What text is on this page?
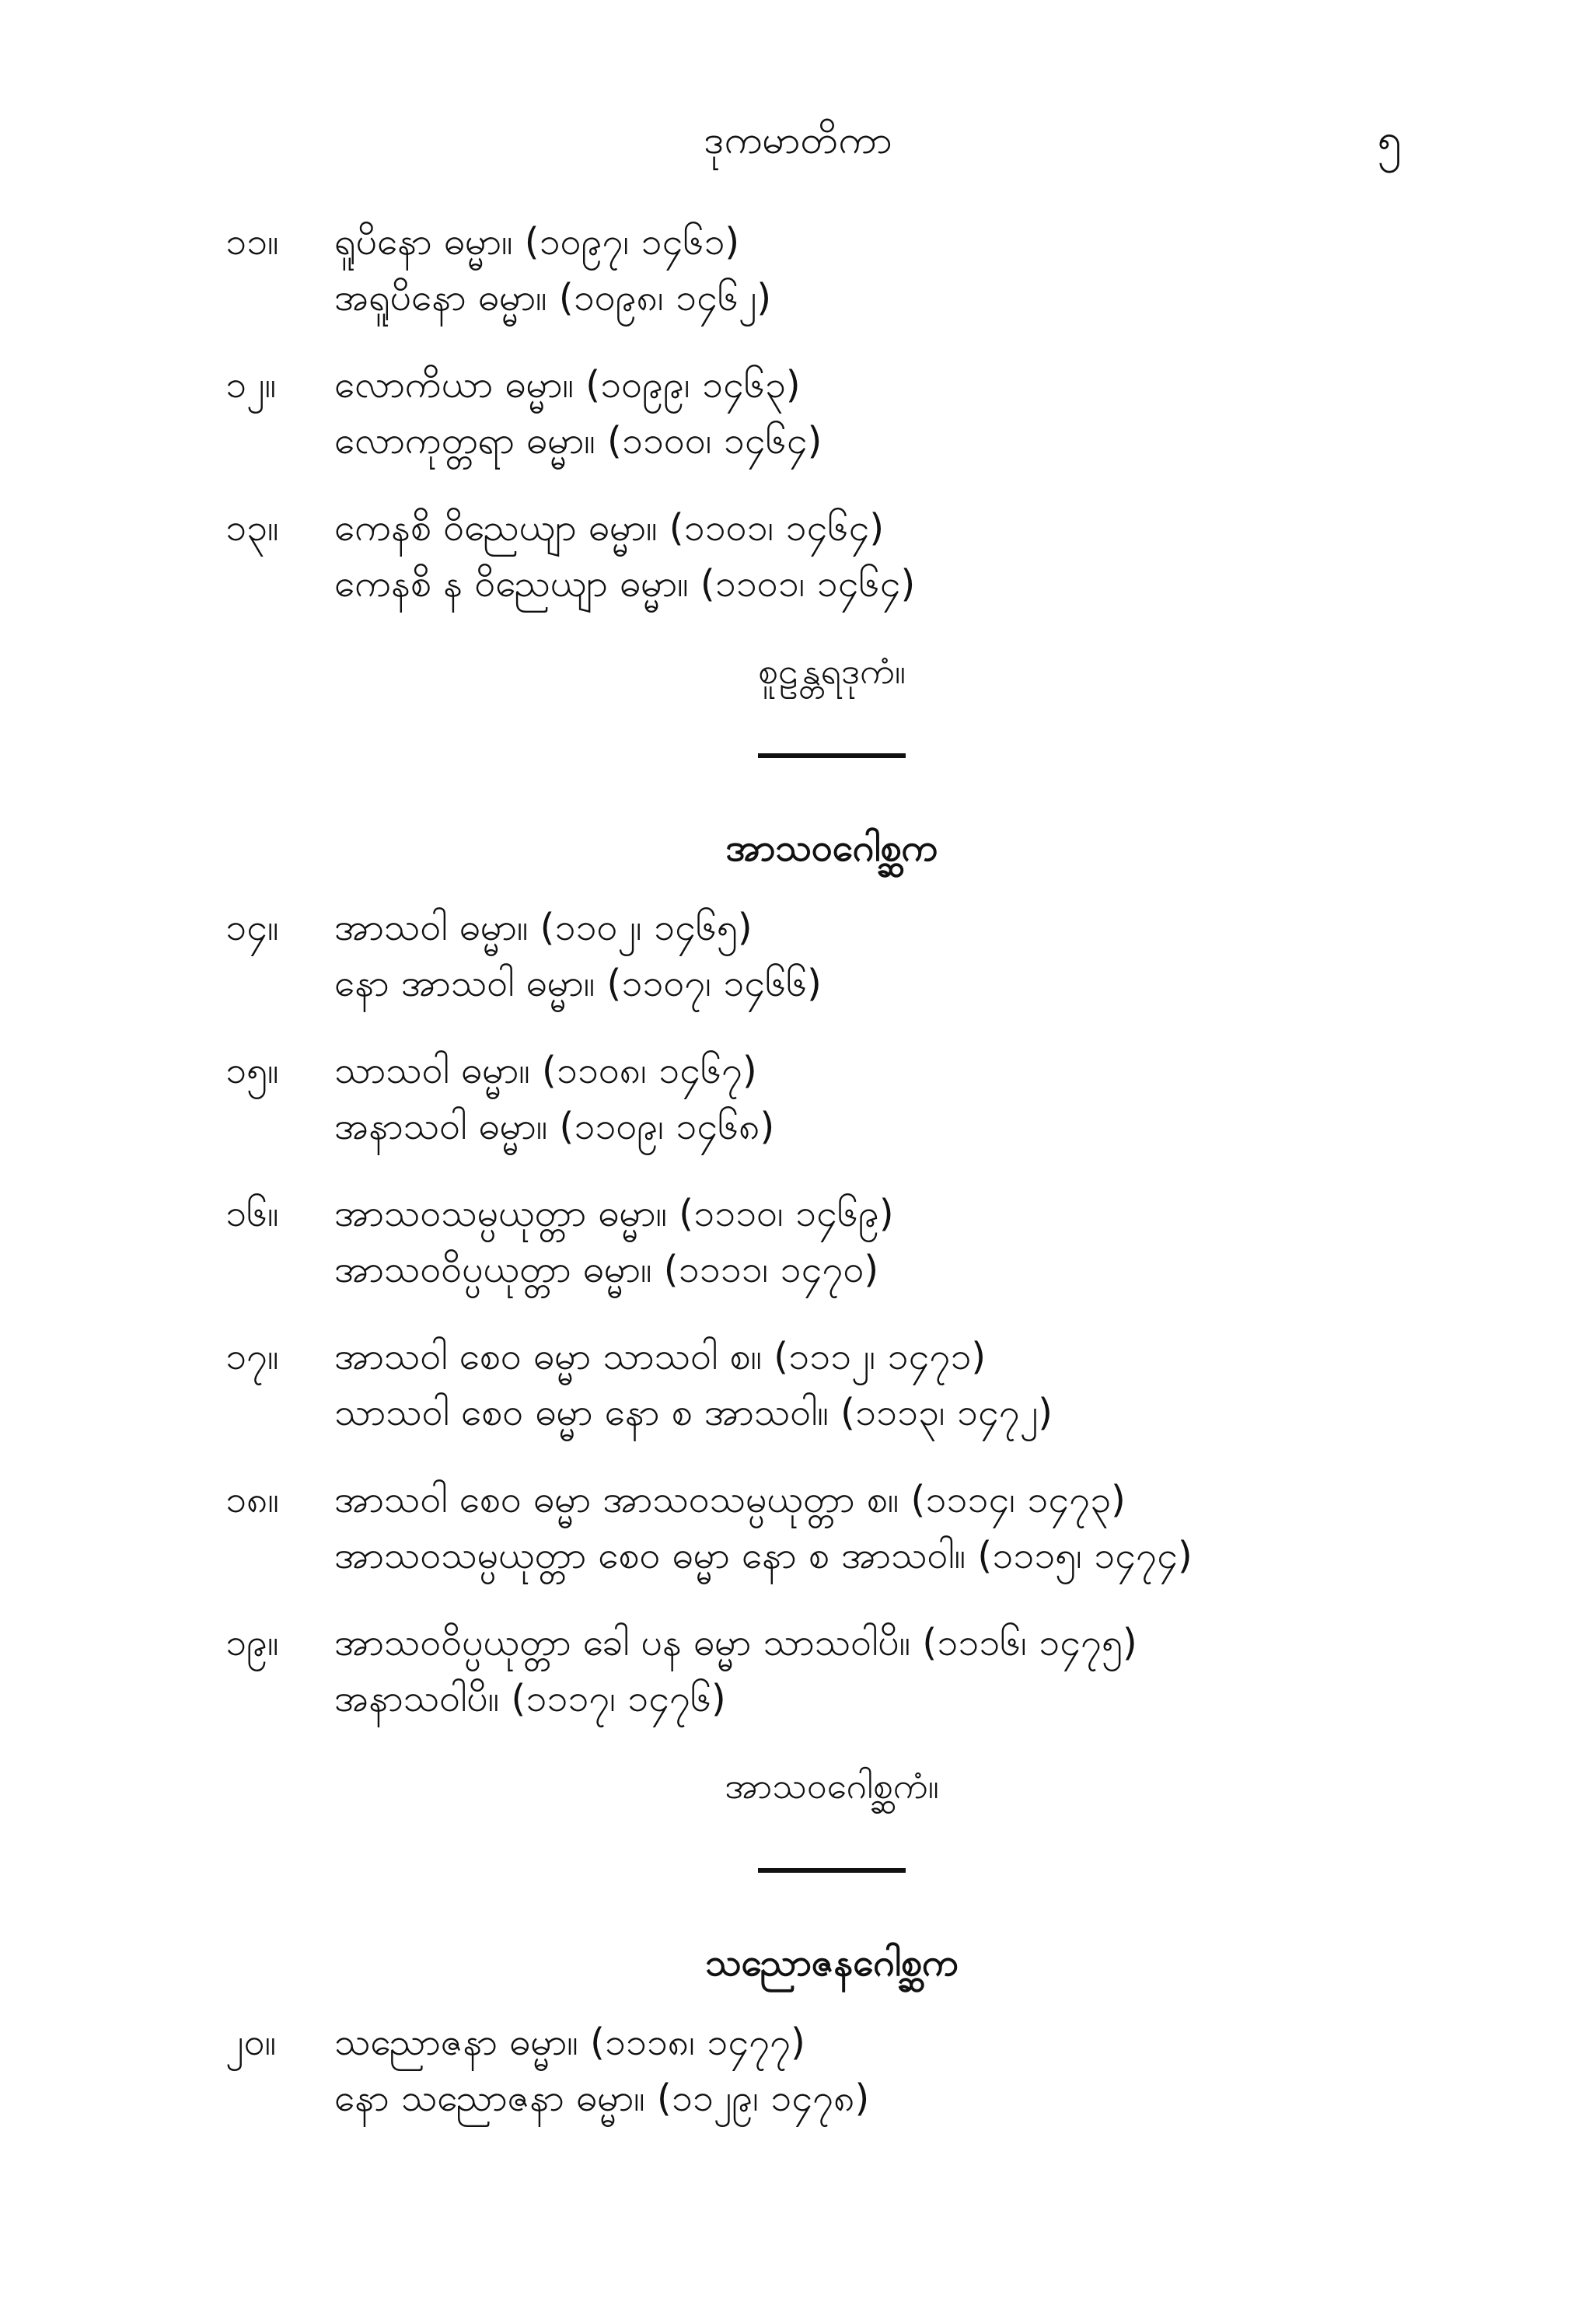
ဒုကမာတိကာ	၅
၁၁။	ရူပိနော ဓမ္မာ။ (၁၀၉၇၊ ၁၄၆၁)
အရူပိနော ဓမ္မာ။ (၁၀၉၈၊ ၁၄၆၂)
၁၂။	လောကိယာ ဓမ္မာ။ (၁၀၉၉၊ ၁၄၆၃)
လောကုတ္တရာ ဓမ္မာ။ (၁၁၀၀၊ ၁၄၆၄)
၁၃။	ကေနစိ ဝိညေယျာ ဓမ္မာ။ (၁၁၀၁၊ ၁၄၆၄)
ကေနစိ န ဝိညေယျာ ဓမ္မာ။ (၁၁၀၁၊ ၁၄၆၄)
စူဠန္တရဒုကံ။
အာသဝဂေါစ္ဆက
၁၄။	အာသဝါ ဓမ္မာ။ (၁၁၀၂၊ ၁၄၆၅)
နော အာသဝါ ဓမ္မာ။ (၁၁၀၇၊ ၁၄၆၆)
၁၅။	သာသဝါ ဓမ္မာ။ (၁၁၀၈၊ ၁၄၆၇)
အနာသဝါ ဓမ္မာ။ (၁၁၀၉၊ ၁၄၆၈)
၁၆။	အာသဝသမ္ပယုတ္တာ ဓမ္မာ။ (၁၁၁၀၊ ၁၄၆၉)
အာသဝဝိပ္ပယုတ္တာ ဓမ္မာ။ (၁၁၁၁၊ ၁၄၇၀)
၁၇။	အာသဝါ စေဝ ဓမ္မာ သာသဝါ စ။ (၁၁၁၂၊ ၁၄၇၁)
သာသဝါ စေဝ ဓမ္မာ နော စ အာသဝါ။ (၁၁၁၃၊ ၁၄၇၂)
၁၈။	အာသဝါ စေဝ ဓမ္မာ အာသဝသမ္ပယုတ္တာ စ။ (၁၁၁၄၊ ၁၄၇၃)
အာသဝသမ္ပယုတ္တာ စေဝ ဓမ္မာ နော စ အာသဝါ။ (၁၁၁၅၊ ၁၄၇၄)
၁၉။	အာသဝဝိပ္ပယုတ္တာ ခေါ ပန ဓမ္မာ သာသဝါပိ။ (၁၁၁၆၊ ၁၄၇၅)
အနာသဝါပိ။ (၁၁၁၇၊ ၁၄၇၆)
အာသဝဂေါစ္ဆကံ။
သညောဇနဂေါစ္ဆက
၂၀။	သညောဇနာ ဓမ္မာ။ (၁၁၁၈၊ ၁၄၇၇)
နော သညောဇနာ ဓမ္မာ။ (၁၁၂၉၊ ၁၄၇၈)
